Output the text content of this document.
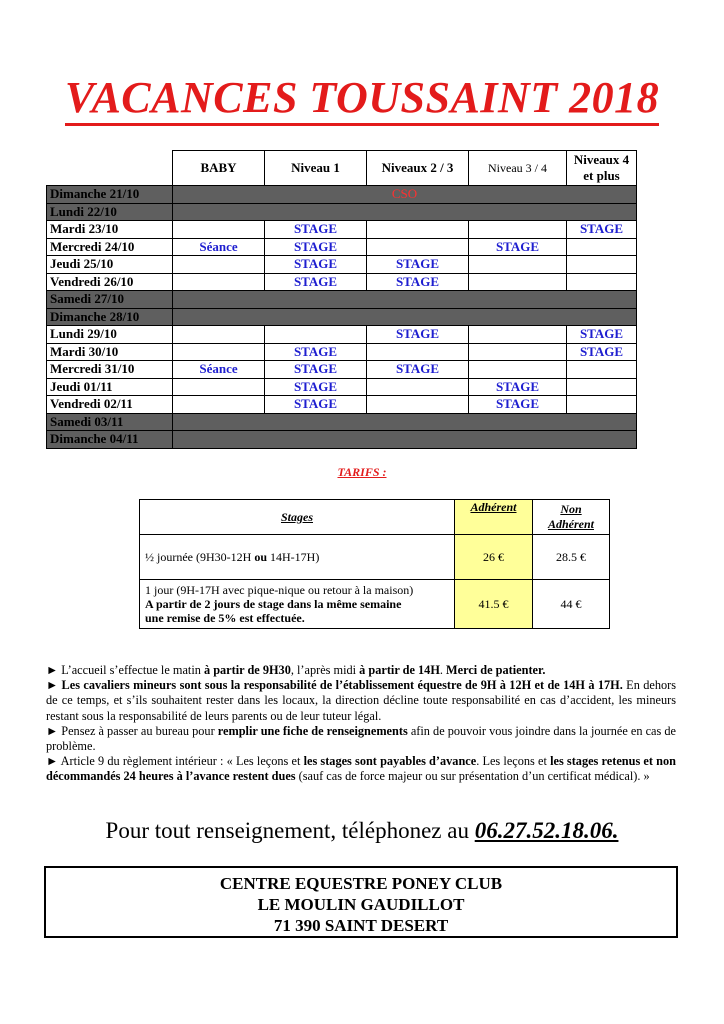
VACANCES TOUSSAINT 2018
	BABY	Niveau 1	Niveaux 2 / 3	Niveau 3 / 4	Niveaux 4
et plus
Dimanche 21/10	CSO				
Lundi 22/10					
Mardi 23/10		STAGE			STAGE
Mercredi 24/10	Séance	STAGE		STAGE	
Jeudi 25/10		STAGE	STAGE		
Vendredi 26/10		STAGE	STAGE		
Samedi 27/10					
Dimanche 28/10					
Lundi 29/10			STAGE		STAGE
Mardi 30/10		STAGE			STAGE
Mercredi 31/10	Séance	STAGE	STAGE		
Jeudi 01/11		STAGE		STAGE	
Vendredi 02/11		STAGE		STAGE	
Samedi 03/11					
Dimanche 04/11					
TARIFS :
Stages	Adhérent	Non
Adhérent
½ journée (9H30-12H ou 14H-17H)	26 €	28.5 €
1 jour (9H-17H avec pique-nique ou retour à la maison)
A partir de 2 jours de stage dans la même semaine
une remise de 5% est effectuée.	41.5 €	44 €

► L’accueil s’effectue le matin à partir de 9H30, l’après midi à partir de 14H. Merci de patienter.

► Les cavaliers mineurs sont sous la responsabilité de l’établissement équestre de 9H à 12H et de 14H à 17H. En dehors de ce temps, et s’ils souhaitent rester dans les locaux, la direction décline toute responsabilité en cas d’accident, les mineurs restant sous la responsabilité de leurs parents ou de leur tuteur légal.

► Pensez à passer au bureau pour remplir une fiche de renseignements afin de pouvoir vous joindre dans la journée en cas de problème.

► Article 9 du règlement intérieur : « Les leçons et les stages sont payables d’avance. Les leçons et les stages retenus et non décommandés 24 heures à l’avance restent dues (sauf cas de force majeur ou sur présentation d’un certificat médical). »

Pour tout renseignement, téléphonez au 06.27.52.18.06.
CENTRE EQUESTRE PONEY CLUB
LE MOULIN GAUDILLOT
71 390 SAINT DESERT
